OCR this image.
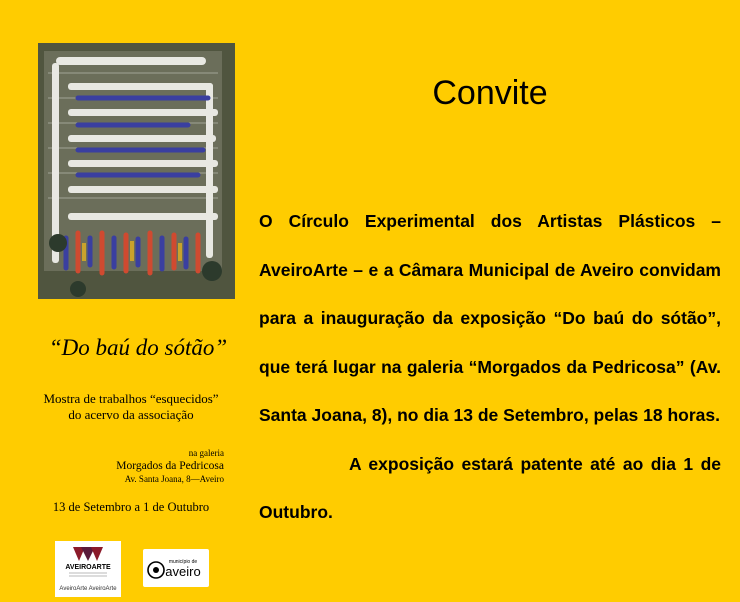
“Do baú do sótão”
Mostra de trabalhos “esquecidos”
do acervo da associação
na galeria
Morgados da Pedricosa
Av. Santa Joana, 8—Aveiro
13 de Setembro a 1 de Outubro
AVEIROARTE
AveiroArte AveiroArte
município de
aveiro
Convite

O Círculo Experimental dos Artistas Plásticos – AveiroArte – e a Câmara Municipal de Aveiro convidam para a inauguração da exposição “Do baú do sótão”, que terá lugar na galeria “Morgados da Pedricosa” (Av. Santa Joana, 8), no dia 13 de Setembro, pelas 18 horas.

A exposição estará patente até ao dia 1 de Outubro.
